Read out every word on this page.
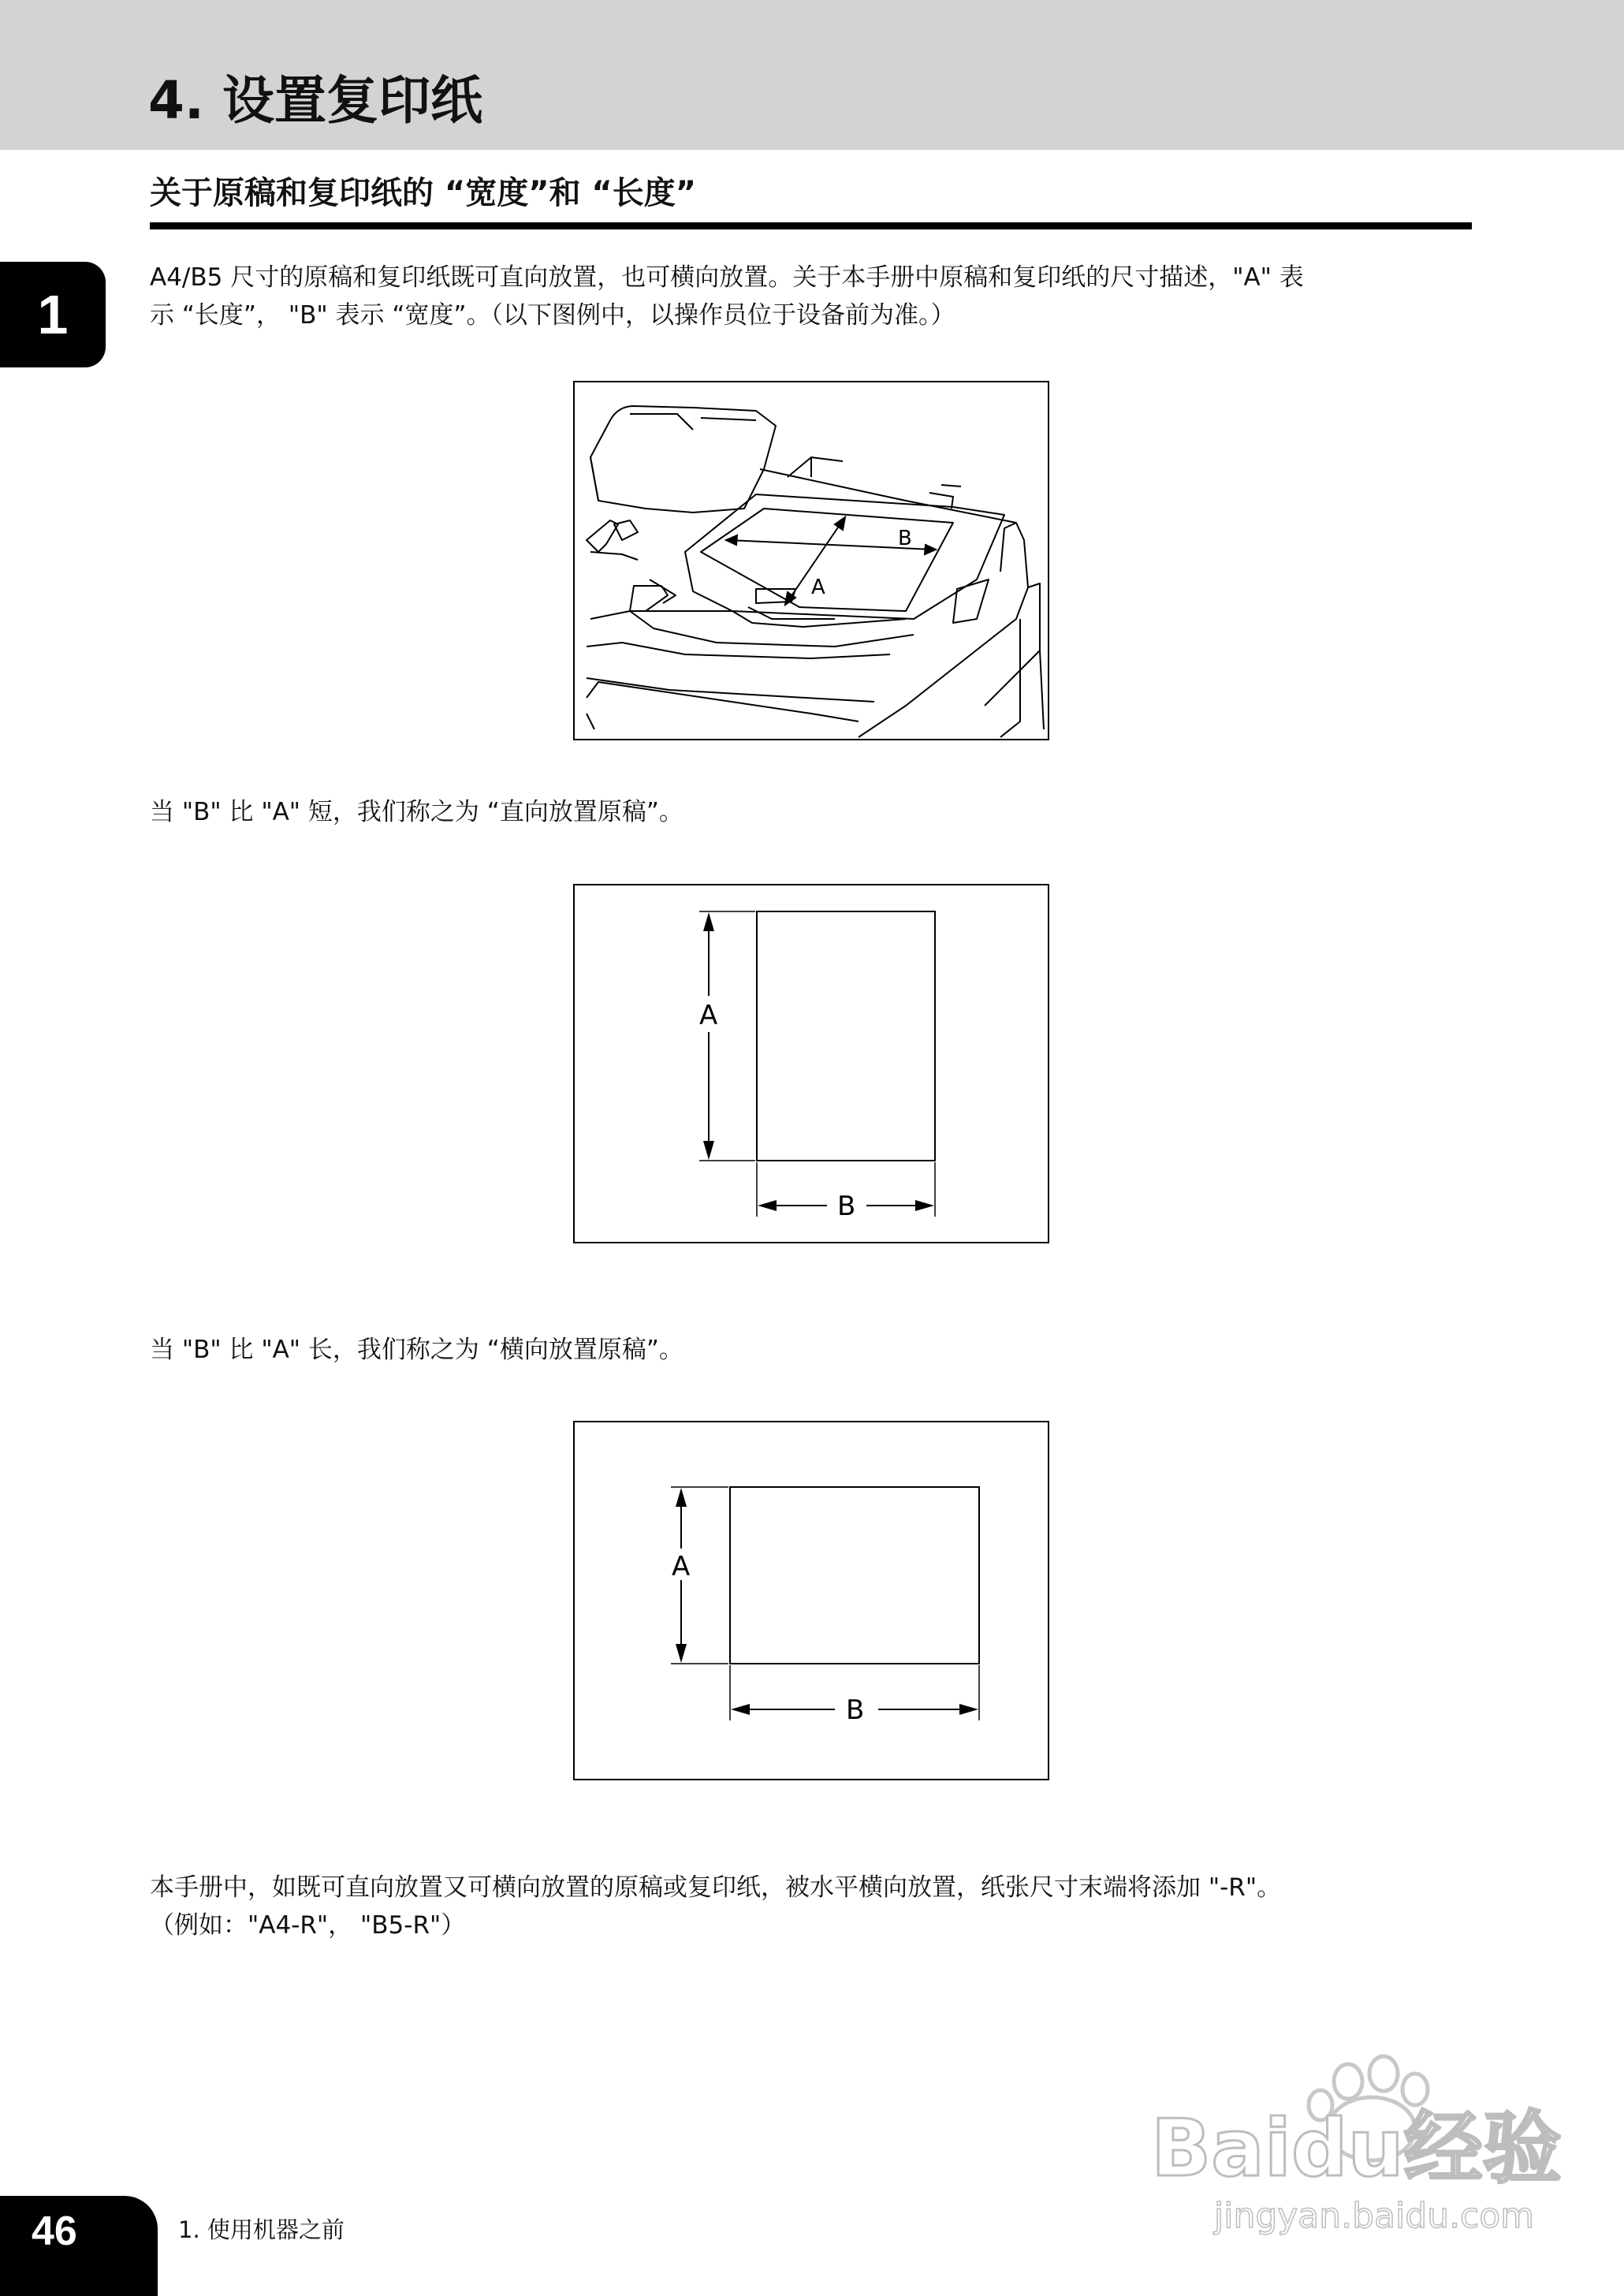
4. 设置复印纸
关于原稿和复印纸的 “宽度”和 “长度”
1
A4/B5 尺寸的原稿和复印纸既可直向放置，也可横向放置。关于本手册中原稿和复印纸的尺寸描述，"A" 表
示 “长度”， "B" 表示 “宽度”。（以下图例中，以操作员位于设备前为准。）
B
A
当 "B" 比 "A" 短，我们称之为 “直向放置原稿”。
A
B
当 "B" 比 "A" 长，我们称之为 “横向放置原稿”。
A
B
本手册中，如既可直向放置又可横向放置的原稿或复印纸，被水平横向放置，纸张尺寸末端将添加 "-R"。
（例如："A4-R"， "B5-R"）
Baidu经验
jingyan.baidu.com
46	1. 使用机器之前
